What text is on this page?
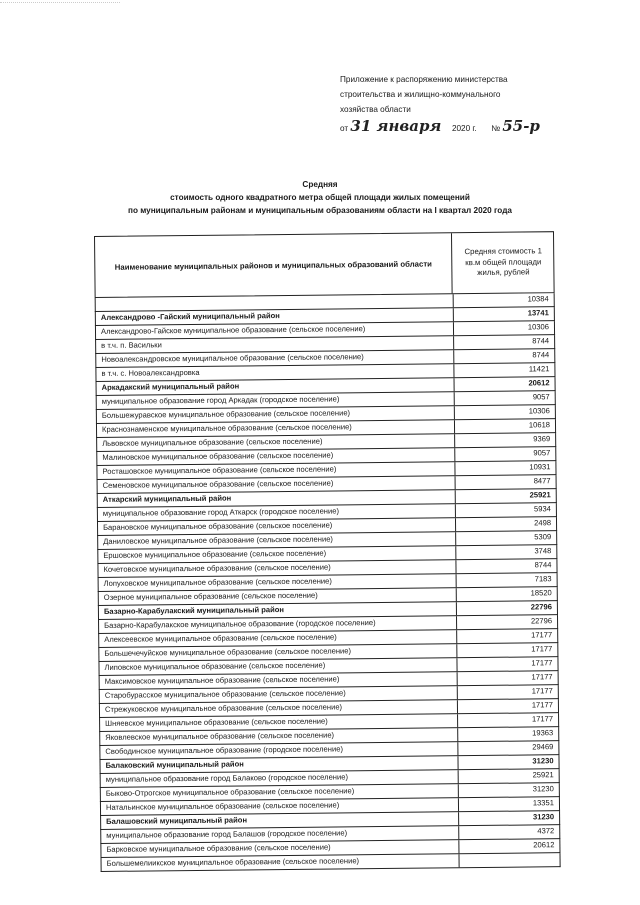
Приложение к распоряжению министерства
строительства и жилищно-коммунального
хозяйства области
от 31 января 2020 г. № 55-р
Средняя
стоимость одного квадратного метра общей площади жилых помещений
по муниципальным районам и муниципальным образованиям области на I квартал 2020 года
Наименование муниципальных районов и муниципальных образований области
Средняя стоимость 1 кв.м общей площади жилья, рублей
10384
Александрово -Гайский муниципальный район	13741
Александрово-Гайское муниципальное образование (сельское поселение)	10306
в т.ч. п. Васильки	8744
Новоалександровское муниципальное образование (сельское поселение)	8744
в т.ч. с. Новоалександровка	11421
Аркадакский муниципальный район	20612
муниципальное образование город Аркадак (городское поселение)	9057
Большежуравское муниципальное образование (сельское поселение)	10306
Краснознаменское муниципальное образование (сельское поселение)	10618
Львовское муниципальное образование (сельское поселение)	9369
Малиновское муниципальное образование (сельское поселение)	9057
Росташовское муниципальное образование (сельское поселение)	10931
Семеновское муниципальное образование (сельское поселение)	8477
Аткарский муниципальный район	25921
муниципальное образование город Аткарск (городское поселение)	5934
Барановское муниципальное образование (сельское поселение)	2498
Даниловское муниципальное образование (сельское поселение)	5309
Ершовское муниципальное образование (сельское поселение)	3748
Кочетовское муниципальное образование (сельское поселение)	8744
Лопуховское муниципальное образование (сельское поселение)	7183
Озерное муниципальное образование (сельское поселение)	18520
Базарно-Карабулакский муниципальный район	22796
Базарно-Карабулакское муниципальное образование (городское поселение)	22796
Алексеевское муниципальное образование (сельское поселение)	17177
Большечечуйское муниципальное образование (сельское поселение)	17177
Липовское муниципальное образование (сельское поселение)	17177
Максимовское муниципальное образование (сельское поселение)	17177
Старобурасское муниципальное образование (сельское поселение)	17177
Стрежуковское муниципальное образование (сельское поселение)	17177
Шняевское муниципальное образование (сельское поселение)	17177
Яковлевское муниципальное образование (сельское поселение)	19363
Свободинское муниципальное образование (городское поселение)	29469
Балаковский муниципальный район	31230
муниципальное образование город Балаково (городское поселение)	25921
Быково-Отрогское муниципальное образование (сельское поселение)	31230
Натальинское муниципальное образование (сельское поселение)	13351
Балашовский муниципальный район	31230
муниципальное образование город Балашов (городское поселение)	4372
Барковское муниципальное образование (сельское поселение)	20612
Большемелиикское муниципальное образование (сельское поселение)
